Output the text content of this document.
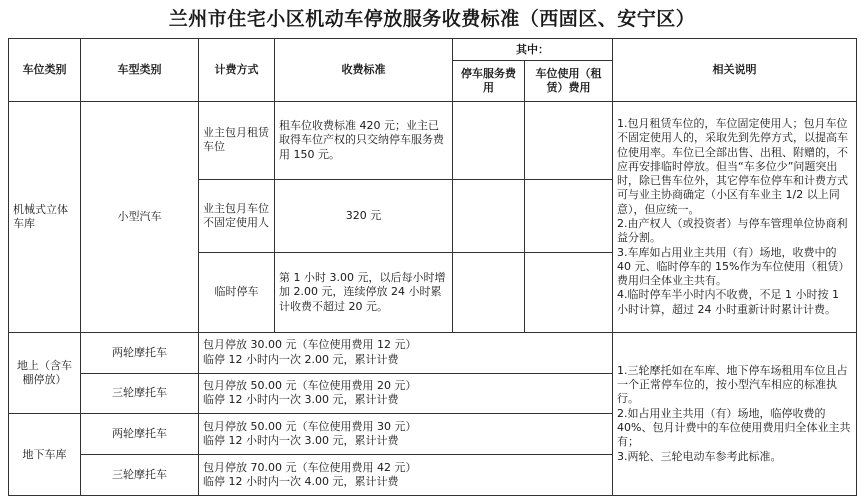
兰州市住宅小区机动车停放服务收费标准（西固区、安宁区）
车位类别	车型类别	计费方式	收费标准	其中：		相关说明
				停车服务费用	车位使用（租赁）费用	
机械式立体车库	小型汽车	业主包月租赁车位	租车位收费标准 420 元；业主已取得车位产权的只交纳停车服务费用 150 元。			1.包月租赁车位的，车位固定使用人；包月车位不固定使用人的，采取先到先停方式，以提高车位使用率。车位已全部出售、出租、附赠的，不应再安排临时停放。但当“车多位少”问题突出时，除已售车位外，其它停车位停车和计费方式可与业主协商确定（小区有车业主 1/2 以上同意），但应统一。
2.由产权人（或投资者）与停车管理单位协商利益分割。
3.车库如占用业主共用（有）场地，收费中的 40 元、临时停车的 15%作为车位使用（租赁）费用归全体业主共有。
4.临时停车半小时内不收费，不足 1 小时按 1 小时计算，超过 24 小时重新计时累计计费。

		业主包月车位不固定使用人	320 元			
		临时停车	第 1 小时 3.00 元，以后每小时增加 2.00 元，连续停放 24 小时累计收费不超过 20 元。			
地上（含车棚停放）	两轮摩托车	包月停放 30.00 元（车位使用费用 12 元）
临停 12 小时内一次 2.00 元，累计计费				1.三轮摩托如在车库、地下停车场租用车位且占一个正常停车位的，按小型汽车相应的标准执行。
2.如占用业主共用（有）场地，临停收费的 40%、包月计费中的车位使用费用归全体业主共有；
3.两轮、三轮电动车参考此标准。

	三轮摩托车	包月停放 50.00 元（车位使用费用 20 元）
临停 12 小时内一次 3.00 元，累计计费				

地下车库	两轮摩托车	包月停放 50.00 元（车位使用费用 30 元）
临停 12 小时内一次 3.00 元，累计计费				

	三轮摩托车	包月停放 70.00 元（车位使用费用 42 元）
临停 12 小时内一次 4.00 元，累计计费				
